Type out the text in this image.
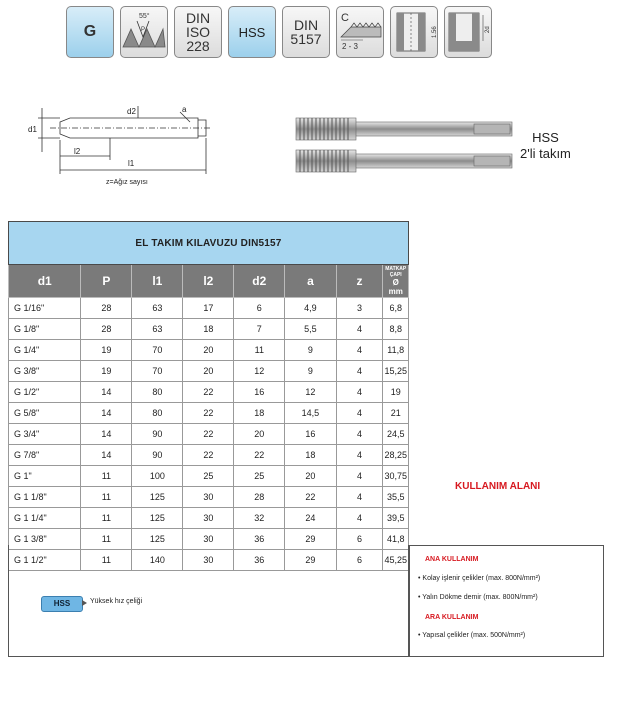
G
55°
P
DIN
ISO
228
HSS DIN
5157
C
2 - 3
1.56	2d
d1
d2	a
l2
l1
z=Ağız sayısı
HSS
2'li takım
EL TAKIM KILAVUZU DIN5157							
d1	P	l1	l2	d2	a	z	MATKAP ÇAPI
Ø mm

G 1/16"	28	63	17	6	4,9	3	6,8
G 1/8"	28	63	18	7	5,5	4	8,8
G 1/4"	19	70	20	11	9	4	11,8
G 3/8"	19	70	20	12	9	4	15,25
G 1/2"	14	80	22	16	12	4	19
G 5/8"	14	80	22	18	14,5	4	21
G 3/4"	14	90	22	20	16	4	24,5
G 7/8"	14	90	22	22	18	4	28,25
G 1"	11	100	25	25	20	4	30,75
G 1 1/8"	11	125	30	28	22	4	35,5
G 1 1/4"	11	125	30	32	24	4	39,5
G 1 3/8"	11	125	30	36	29	6	41,8
G 1 1/2"	11	140	30	36	29	6	45,25
KULLANIM ALANI
HSS	Yüksek hız çeliği
ANA KULLANIM
• Kolay işlenir çelikler (max. 800N/mm²)
• Yalın Dökme demir (max. 800N/mm²)
ARA KULLANIM
• Yapısal çelikler (max. 500N/mm²)
